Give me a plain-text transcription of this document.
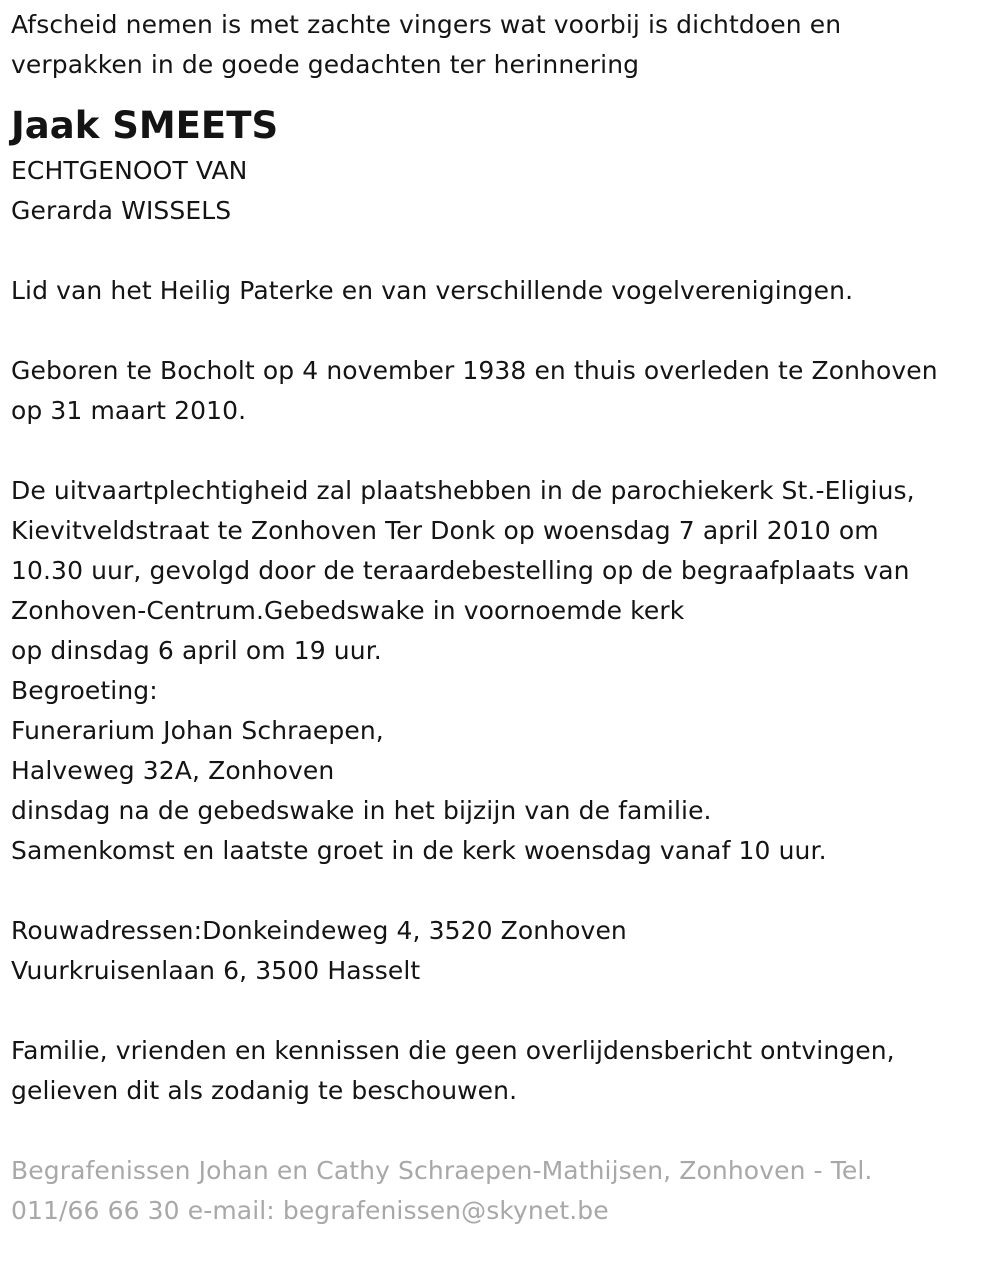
Afscheid nemen is met zachte vingers wat voorbij is dichtdoen en
verpakken in de goede gedachten ter herinnering
Jaak SMEETS
ECHTGENOOT VAN
Gerarda WISSELS
Lid van het Heilig Paterke en van verschillende vogelverenigingen.
Geboren te Bocholt op 4 november 1938 en thuis overleden te Zonhoven
op 31 maart 2010.
De uitvaartplechtigheid zal plaatshebben in de parochiekerk St.-Eligius,
Kievitveldstraat te Zonhoven Ter Donk op woensdag 7 april 2010 om
10.30 uur, gevolgd door de teraardebestelling op de begraafplaats van
Zonhoven-Centrum.Gebedswake in voornoemde kerk
op dinsdag 6 april om 19 uur.
Begroeting:
Funerarium Johan Schraepen,
Halveweg 32A, Zonhoven
dinsdag na de gebedswake in het bijzijn van de familie.
Samenkomst en laatste groet in de kerk woensdag vanaf 10 uur.
Rouwadressen:Donkeindeweg 4, 3520 Zonhoven
Vuurkruisenlaan 6, 3500 Hasselt
Familie, vrienden en kennissen die geen overlijdensbericht ontvingen,
gelieven dit als zodanig te beschouwen.
Begrafenissen Johan en Cathy Schraepen-Mathijsen, Zonhoven - Tel.
011/66 66 30 e-mail: begrafenissen@skynet.be
